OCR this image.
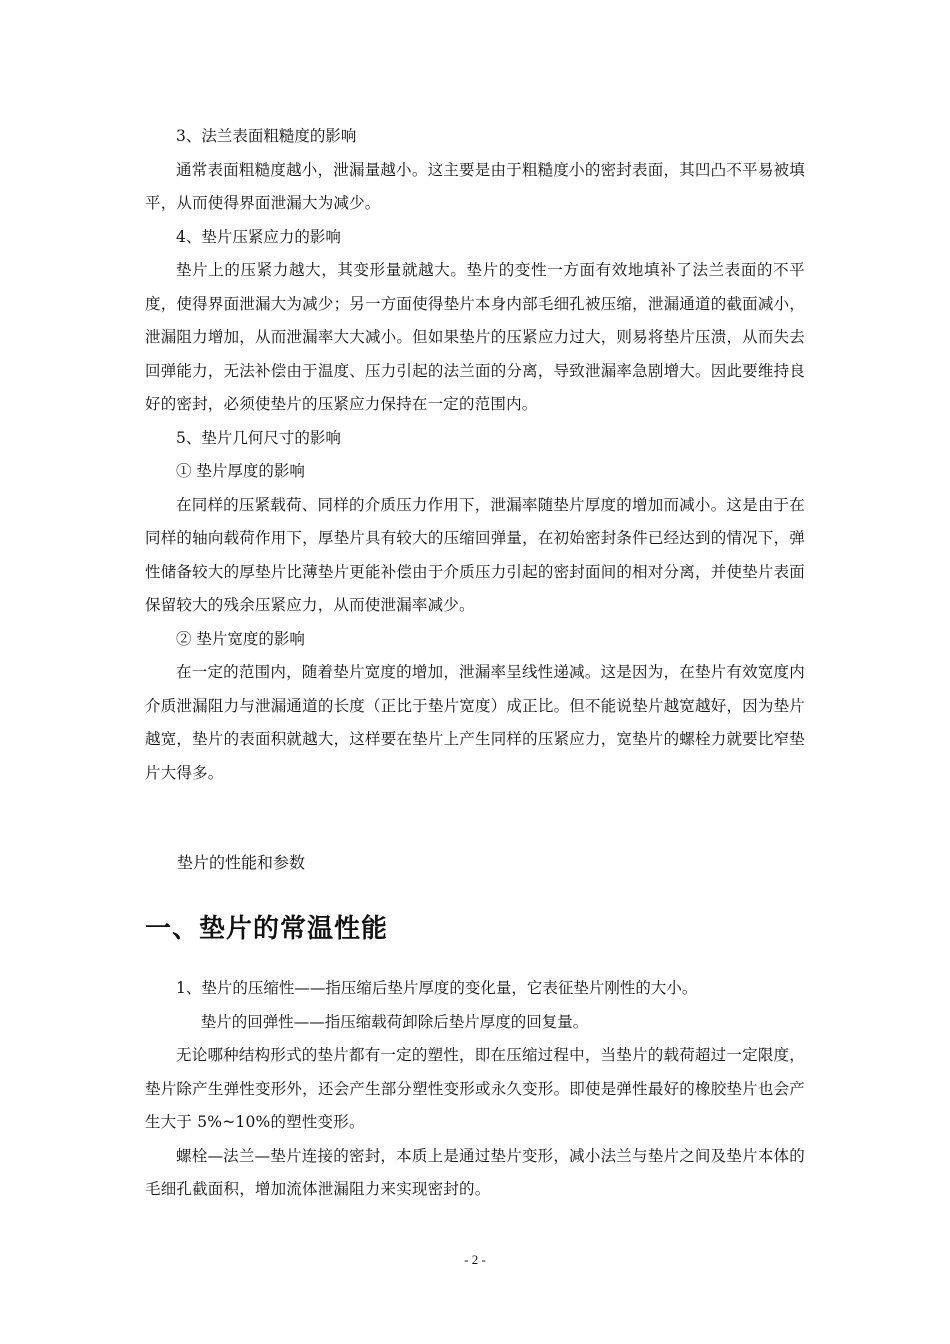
3、法兰表面粗糙度的影响

通常表面粗糙度越小，泄漏量越小。这主要是由于粗糙度小的密封表面，其凹凸不平易被填平，从而使得界面泄漏大为减少。

4、垫片压紧应力的影响

垫片上的压紧力越大，其变形量就越大。垫片的变性一方面有效地填补了法兰表面的不平度，使得界面泄漏大为减少；另一方面使得垫片本身内部毛细孔被压缩，泄漏通道的截面减小，泄漏阻力增加，从而泄漏率大大减小。但如果垫片的压紧应力过大，则易将垫片压溃，从而失去回弹能力，无法补偿由于温度、压力引起的法兰面的分离，导致泄漏率急剧增大。因此要维持良好的密封，必须使垫片的压紧应力保持在一定的范围内。

5、垫片几何尺寸的影响

① 垫片厚度的影响

在同样的压紧载荷、同样的介质压力作用下，泄漏率随垫片厚度的增加而减小。这是由于在同样的轴向载荷作用下，厚垫片具有较大的压缩回弹量，在初始密封条件已经达到的情况下，弹性储备较大的厚垫片比薄垫片更能补偿由于介质压力引起的密封面间的相对分离，并使垫片表面保留较大的残余压紧应力，从而使泄漏率减少。

② 垫片宽度的影响

在一定的范围内，随着垫片宽度的增加，泄漏率呈线性递减。这是因为，在垫片有效宽度内介质泄漏阻力与泄漏通道的长度（正比于垫片宽度）成正比。但不能说垫片越宽越好，因为垫片越宽，垫片的表面积就越大，这样要在垫片上产生同样的压紧应力，宽垫片的螺栓力就要比窄垫片大得多。

垫片的性能和参数

一、垫片的常温性能

1、垫片的压缩性——指压缩后垫片厚度的变化量，它表征垫片刚性的大小。

垫片的回弹性——指压缩载荷卸除后垫片厚度的回复量。

无论哪种结构形式的垫片都有一定的塑性，即在压缩过程中，当垫片的载荷超过一定限度，垫片除产生弹性变形外，还会产生部分塑性变形或永久变形。即使是弹性最好的橡胶垫片也会产生大于 5%~10%的塑性变形。

螺栓—法兰—垫片连接的密封，本质上是通过垫片变形，减小法兰与垫片之间及垫片本体的毛细孔截面积，增加流体泄漏阻力来实现密封的。

- 2 -
